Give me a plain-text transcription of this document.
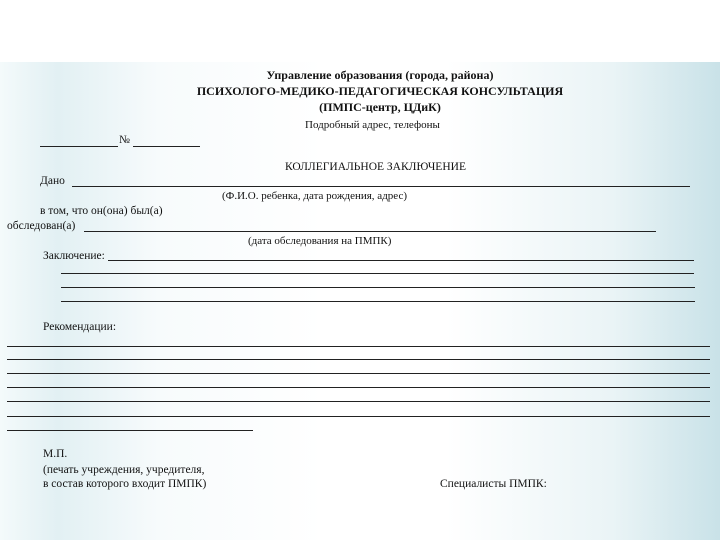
Управление образования (города, района)
ПСИХОЛОГО-МЕДИКО-ПЕДАГОГИЧЕСКАЯ КОНСУЛЬТАЦИЯ
(ПМПС-центр, ЦДиК)
Подробный адрес, телефоны
№
КОЛЛЕГИАЛЬНОЕ ЗАКЛЮЧЕНИЕ
Дано
(Ф.И.О. ребенка, дата рождения, адрес)
в том, что он(она) был(а)
обследован(а)
(дата обследования на ПМПК)
Заключение:
Рекомендации:
М.П.
(печать учреждения, учредителя,
в состав которого входит ПМПК)	Специалисты ПМПК:
